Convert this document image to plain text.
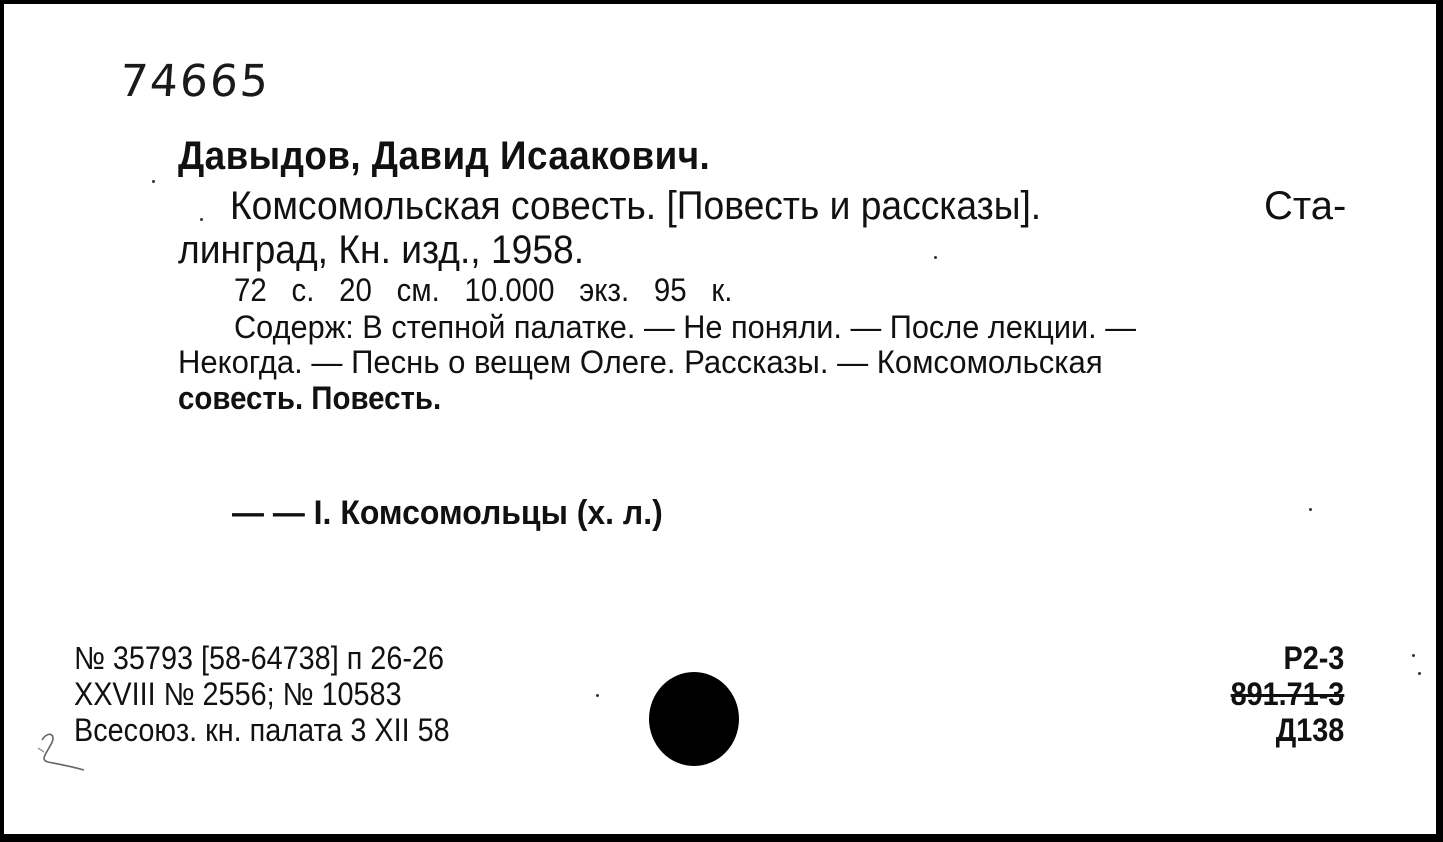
74665
Давыдов, Давид Исаакович.
Комсомольская совесть. [Повесть и рассказы].	Ста-
линград, Кн. изд., 1958.
72 с. 20 см. 10.000 экз. 95 к.
Содерж: В степной палатке. — Не поняли. — После лекции. —
Некогда. — Песнь о вещем Олеге. Рассказы. — Комсомольская
совесть. Повесть.
— — I. Комсомольцы (х. л.)
№ 35793 [58-64738] п 26-26
XXVIII № 2556; № 10583
Всесоюз. кн. палата 3 XII 58
Р2-3
891.71-3
Д138
